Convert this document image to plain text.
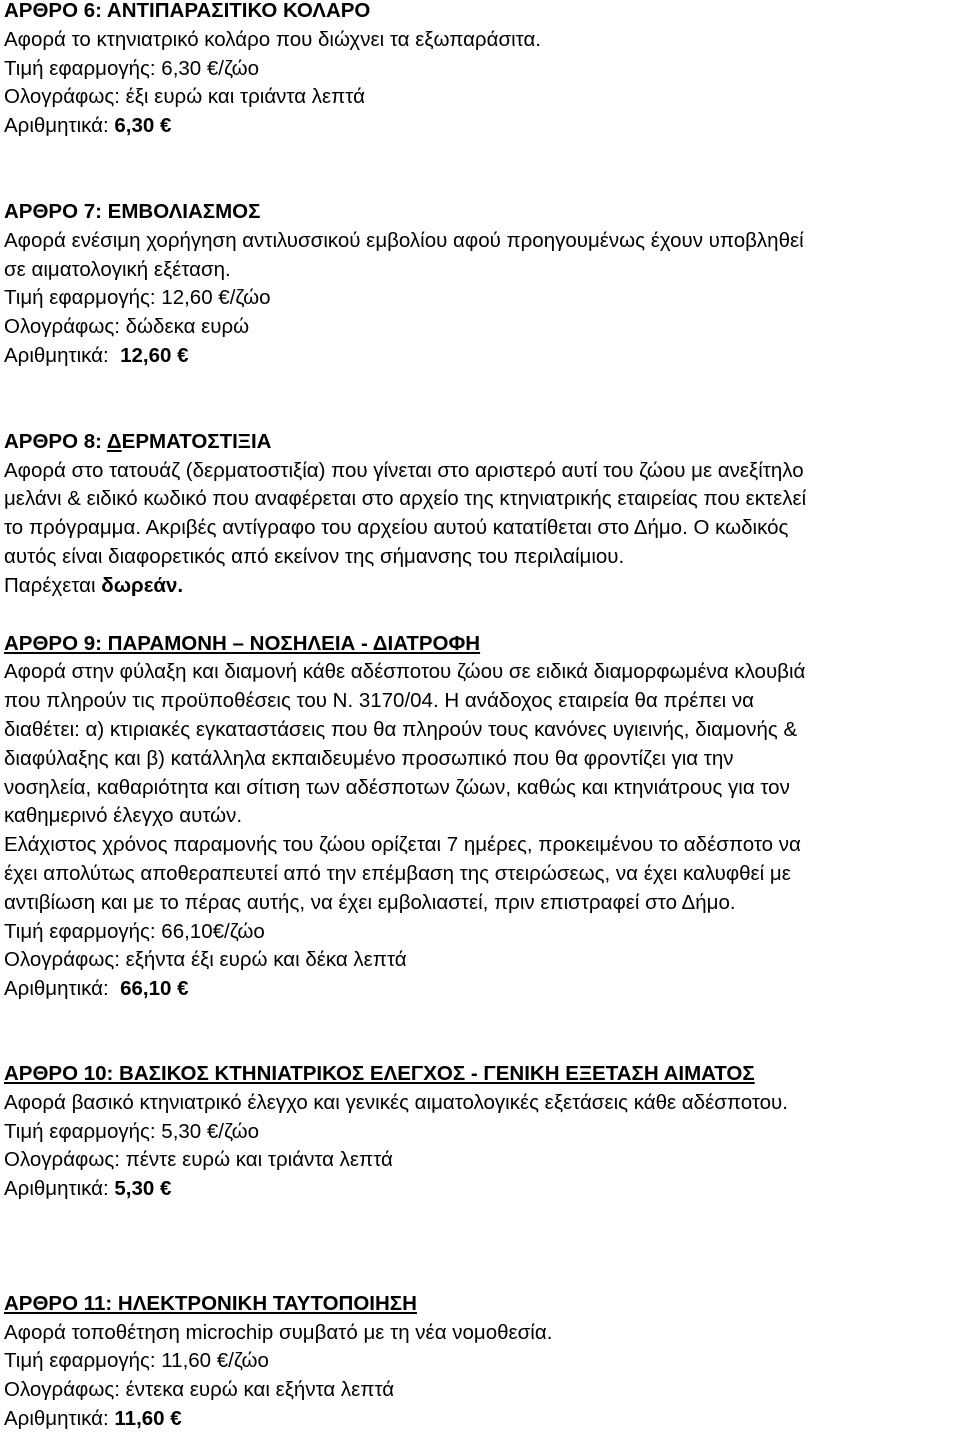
ΑΡΘΡΟ 6: ΑΝΤΙΠΑΡΑΣΙΤΙΚΟ ΚΟΛΑΡΟ
Αφορά το κτηνιατρικό κολάρο που διώχνει τα εξωπαράσιτα.
Τιμή εφαρμογής: 6,30 €/ζώο
Ολογράφως: έξι ευρώ και τριάντα λεπτά
Αριθμητικά: 6,30 €
ΑΡΘΡΟ 7: ΕΜΒΟΛΙΑΣΜΟΣ
Αφορά ενέσιμη χορήγηση αντιλυσσικού εμβολίου αφού προηγουμένως έχουν υποβληθεί
σε αιματολογική εξέταση.
Τιμή εφαρμογής: 12,60 €/ζώο
Ολογράφως: δώδεκα ευρώ
Αριθμητικά: 12,60 €
ΑΡΘΡΟ 8: ΔΕΡΜΑΤΟΣΤΙΞΙΑ
Αφορά στο τατουάζ (δερματοστιξία) που γίνεται στο αριστερό αυτί του ζώου με ανεξίτηλο
μελάνι & ειδικό κωδικό που αναφέρεται στο αρχείο της κτηνιατρικής εταιρείας που εκτελεί
το πρόγραμμα. Ακριβές αντίγραφο του αρχείου αυτού κατατίθεται στο Δήμο. Ο κωδικός
αυτός είναι διαφορετικός από εκείνον της σήμανσης του περιλαίμιου.
Παρέχεται δωρεάν.
ΑΡΘΡΟ 9: ΠΑΡΑΜΟΝΗ – ΝΟΣΗΛΕΙΑ - ΔΙΑΤΡΟΦΗ
Αφορά στην φύλαξη και διαμονή κάθε αδέσποτου ζώου σε ειδικά διαμορφωμένα κλουβιά
που πληρούν τις προϋποθέσεις του Ν. 3170/04. Η ανάδοχος εταιρεία θα πρέπει να
διαθέτει: α) κτιριακές εγκαταστάσεις που θα πληρούν τους κανόνες υγιεινής, διαμονής &
διαφύλαξης και β) κατάλληλα εκπαιδευμένο προσωπικό που θα φροντίζει για την
νοσηλεία, καθαριότητα και σίτιση των αδέσποτων ζώων, καθώς και κτηνιάτρους για τον
καθημερινό έλεγχο αυτών.
Ελάχιστος χρόνος παραμονής του ζώου ορίζεται 7 ημέρες, προκειμένου το αδέσποτο να
έχει απολύτως αποθεραπευτεί από την επέμβαση της στειρώσεως, να έχει καλυφθεί με
αντιβίωση και με το πέρας αυτής, να έχει εμβολιαστεί, πριν επιστραφεί στο Δήμο.
Τιμή εφαρμογής: 66,10€/ζώο
Ολογράφως: εξήντα έξι ευρώ και δέκα λεπτά
Αριθμητικά: 66,10 €
ΑΡΘΡΟ 10: ΒΑΣΙΚΟΣ ΚΤΗΝΙΑΤΡΙΚΟΣ ΕΛΕΓΧΟΣ - ΓΕΝΙΚΗ ΕΞΕΤΑΣΗ ΑΙΜΑΤΟΣ
Αφορά βασικό κτηνιατρικό έλεγχο και γενικές αιματολογικές εξετάσεις κάθε αδέσποτου.
Τιμή εφαρμογής: 5,30 €/ζώο
Ολογράφως: πέντε ευρώ και τριάντα λεπτά
Αριθμητικά: 5,30 €
ΑΡΘΡΟ 11: ΗΛΕΚΤΡΟΝΙΚΗ ΤΑΥΤΟΠΟΙΗΣΗ
Αφορά τοποθέτηση microchip συμβατό με τη νέα νομοθεσία.
Τιμή εφαρμογής: 11,60 €/ζώο
Ολογράφως: έντεκα ευρώ και εξήντα λεπτά
Αριθμητικά: 11,60 €
